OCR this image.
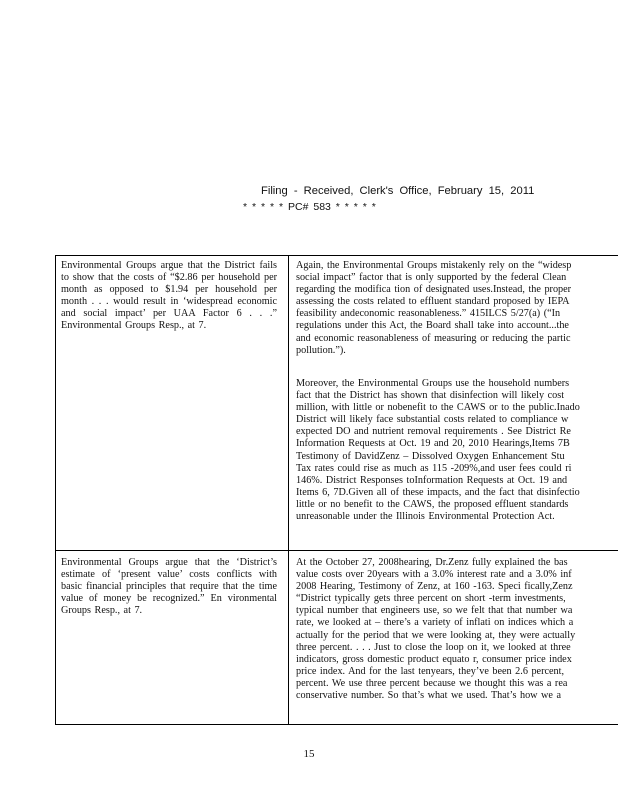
Filing - Received, Clerk's Office, February 15, 2011
* * * * * PC# 583 * * * * *
Environmental Groups argue that the District fails to show that the costs of “$2.86 per household per month as opposed to $1.94 per household per month . . . would result in ‘widespread economic and social impact’ per UAA Factor 6 . . .” Environmental Groups Resp., at 7.
Again, the Environmental Groups mistakenly rely on the “widesp
social impact” factor that is only supported by the federal Clean
regarding the modifica tion of designated uses.Instead, the proper
assessing the costs related to effluent standard proposed by IEPA
feasibility andeconomic reasonableness.” 415ILCS 5/27(a) (“In
regulations under this Act, the Board shall take into account...the
and economic reasonableness of measuring or reducing the partic
pollution.”).
Moreover, the Environmental Groups use the household numbers
fact that the District has shown that disinfection will likely cost
million, with little or nobenefit to the CAWS or to the public.Inado
District will likely face substantial costs related to compliance w
expected DO and nutrient removal requirements . See District Re
Information Requests at Oct. 19 and 20, 2010 Hearings,Items 7B
Testimony of DavidZenz – Dissolved Oxygen Enhancement Stu
Tax rates could rise as much as 115 -209%,and user fees could ri
146%. District Responses toInformation Requests at Oct. 19 and
Items 6, 7D.Given all of these impacts, and the fact that disinfectio
little or no benefit to the CAWS, the proposed effluent standards
unreasonable under the Illinois Environmental Protection Act.
Environmental Groups argue that the ‘District’s estimate of ‘present value’ costs conflicts with basic financial principles that require that the time value of money be recognized.” En vironmental Groups Resp., at 7.
At the October 27, 2008hearing, Dr.Zenz fully explained the bas
value costs over 20years with a 3.0% interest rate and a 3.0% inf
2008 Hearing, Testimony of Zenz, at 160 -163. Speci fically,Zenz
“District typically gets three percent on short -term investments,
typical number that engineers use, so we felt that that number wa
rate, we looked at – there’s a variety of inflati on indices which a
actually for the period that we were looking at, they were actually
three percent. . . . Just to close the loop on it, we looked at three
indicators, gross domestic product equato r, consumer price index
price index. And for the last tenyears, they’ve been 2.6 percent,
percent. We use three percent because we thought this was a rea
conservative number. So that’s what we used. That’s how we a
15
